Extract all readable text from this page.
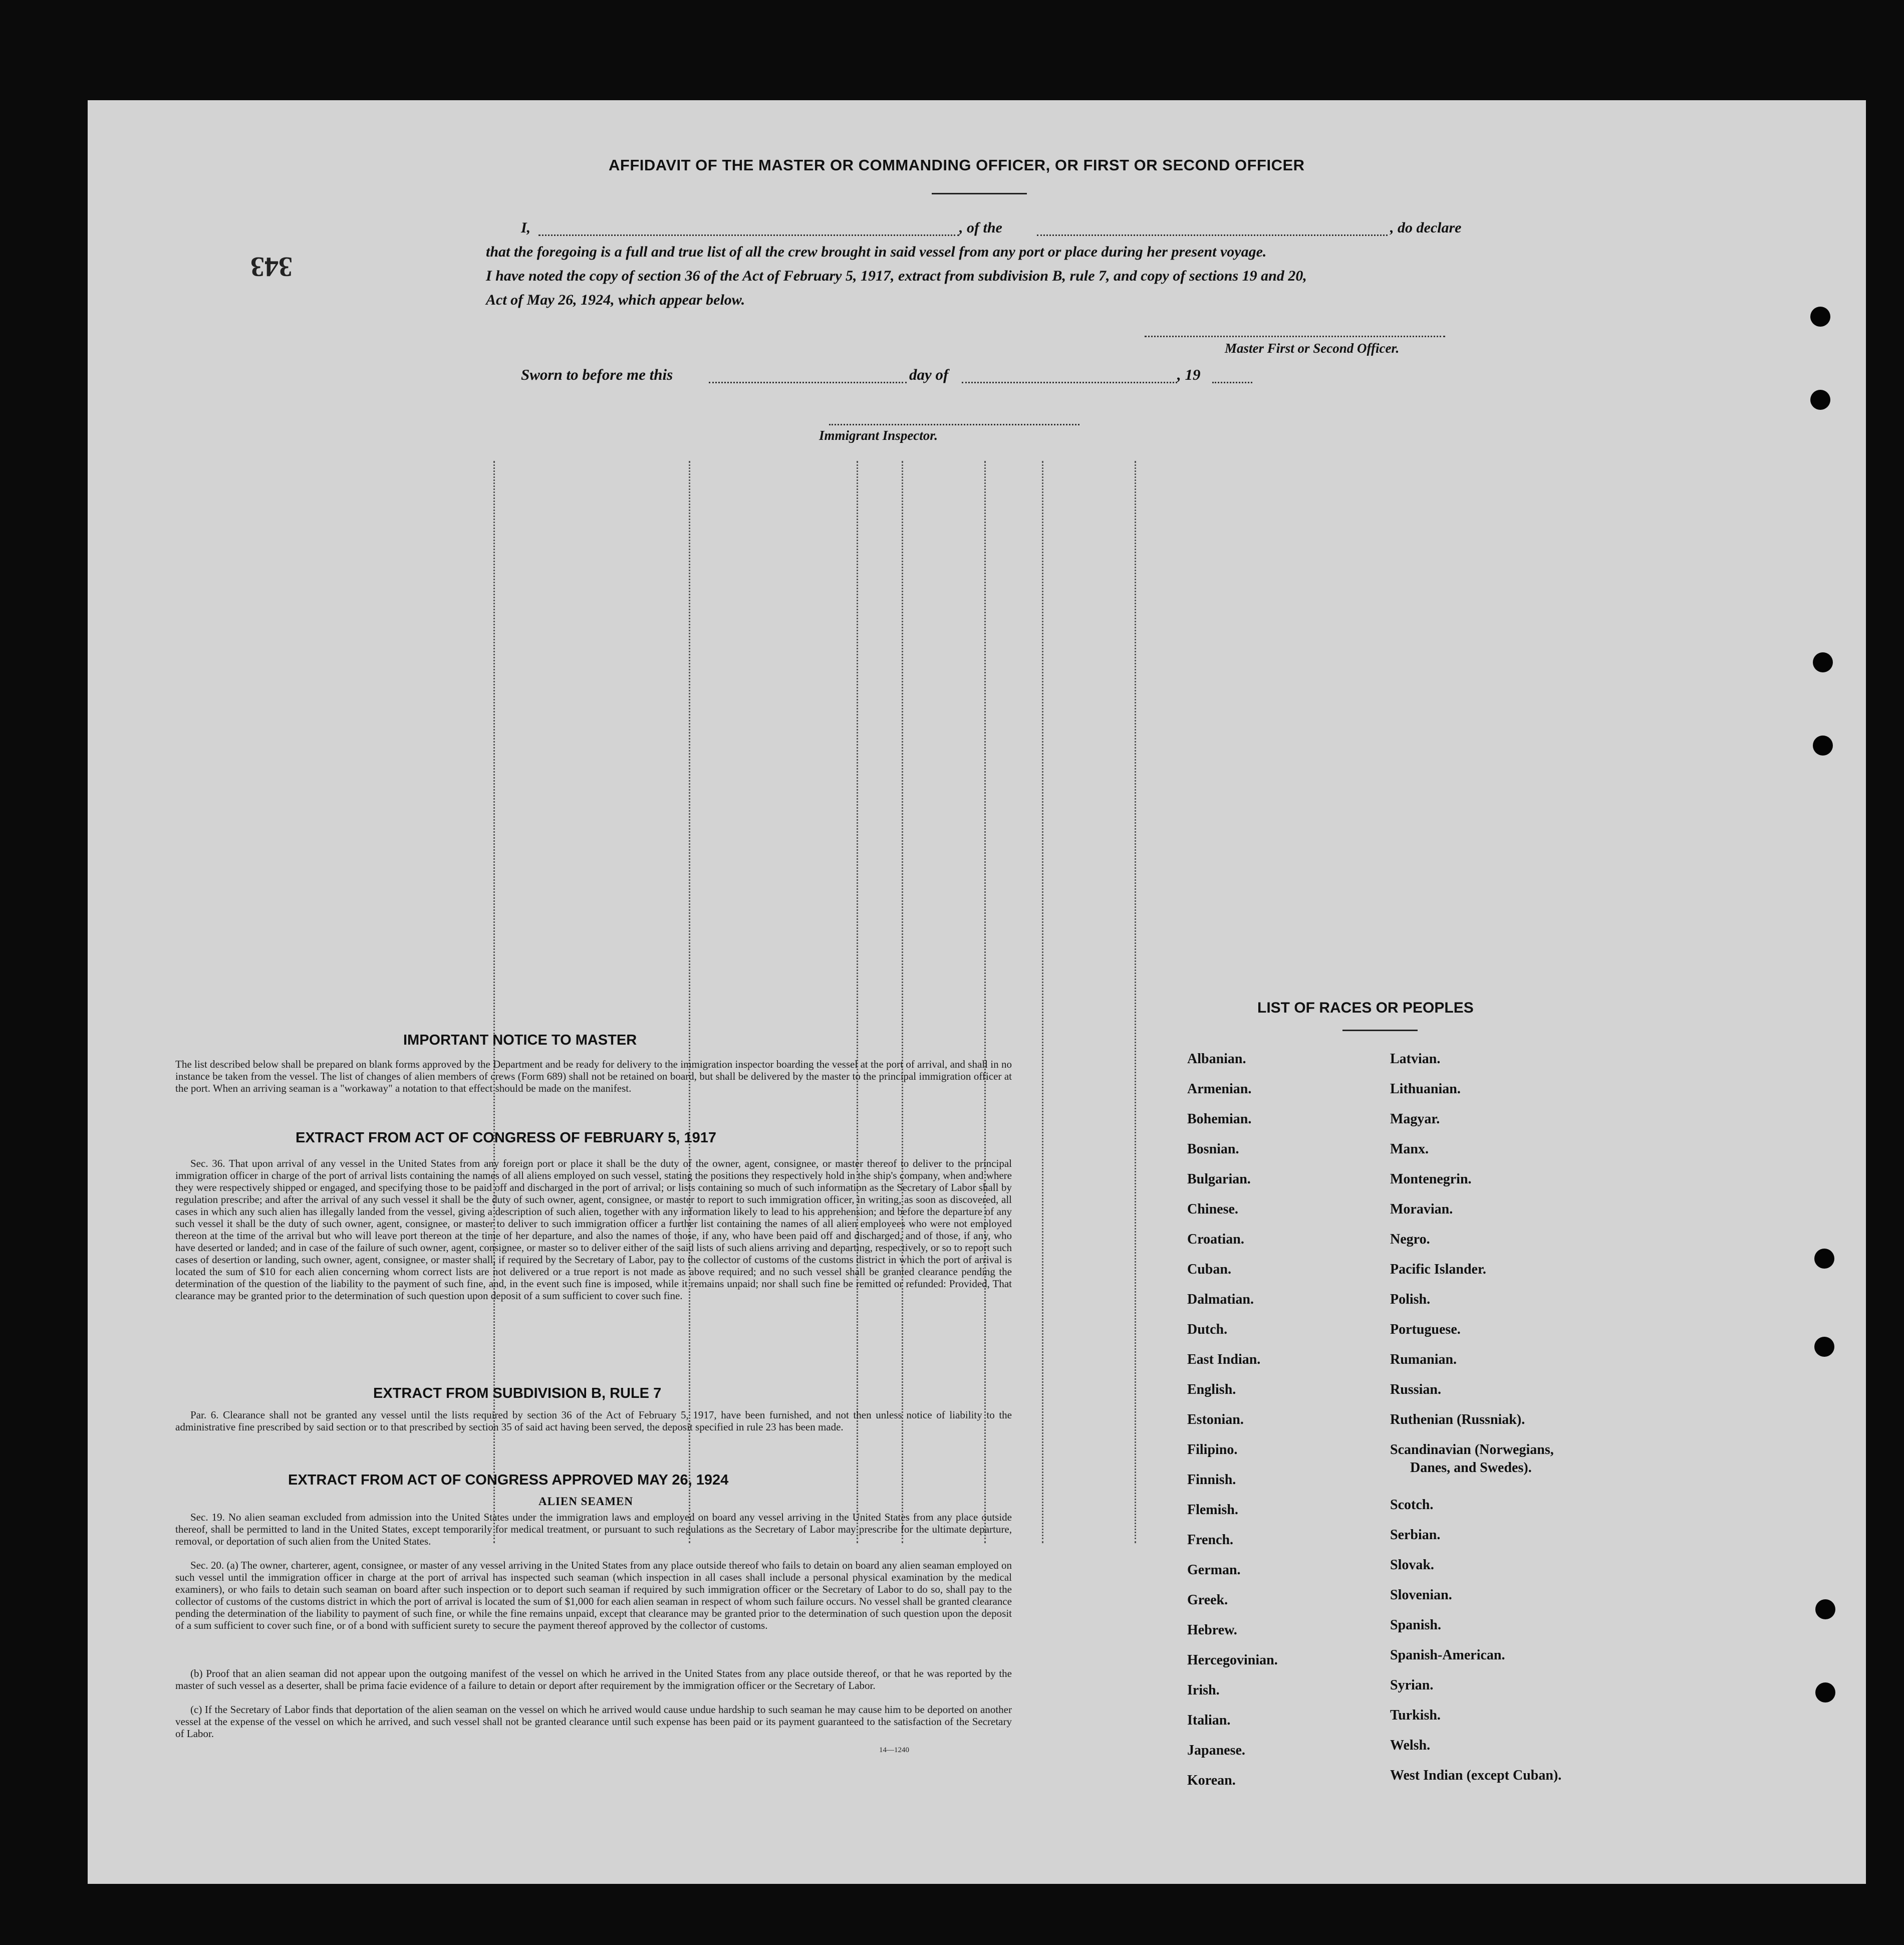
343
AFFIDAVIT OF THE MASTER OR COMMANDING OFFICER, OR FIRST OR SECOND OFFICER
I,	, of the	, do declare
that the foregoing is a full and true list of all the crew brought in said vessel from any port or place during her present voyage.
I have noted the copy of section 36 of the Act of February 5, 1917, extract from subdivision B, rule 7, and copy of sections 19 and 20,
Act of May 26, 1924, which appear below.
Master First or Second Officer.
Sworn to before me this	day of	, 19
Immigrant Inspector.
IMPORTANT NOTICE TO MASTER
The list described below shall be prepared on blank forms approved by the Department and be ready for delivery to the immigration inspector boarding the vessel at the port of arrival, and shall in no instance be taken from the vessel. The list of changes of alien members of crews (Form 689) shall not be retained on board, but shall be delivered by the master to the principal immigration officer at the port. When an arriving seaman is a "workaway" a notation to that effect should be made on the manifest.
EXTRACT FROM ACT OF CONGRESS OF FEBRUARY 5, 1917
Sec. 36. That upon arrival of any vessel in the United States from any foreign port or place it shall be the duty of the owner, agent, consignee, or master thereof to deliver to the principal immigration officer in charge of the port of arrival lists containing the names of all aliens employed on such vessel, stating the positions they respectively hold in the ship's company, when and where they were respectively shipped or engaged, and specifying those to be paid off and discharged in the port of arrival; or lists containing so much of such information as the Secretary of Labor shall by regulation prescribe; and after the arrival of any such vessel it shall be the duty of such owner, agent, consignee, or master to report to such immigration officer, in writing, as soon as discovered, all cases in which any such alien has illegally landed from the vessel, giving a description of such alien, together with any information likely to lead to his apprehension; and before the departure of any such vessel it shall be the duty of such owner, agent, consignee, or master to deliver to such immigration officer a further list containing the names of all alien employees who were not employed thereon at the time of the arrival but who will leave port thereon at the time of her departure, and also the names of those, if any, who have been paid off and discharged, and of those, if any, who have deserted or landed; and in case of the failure of such owner, agent, consignee, or master so to deliver either of the said lists of such aliens arriving and departing, respectively, or so to report such cases of desertion or landing, such owner, agent, consignee, or master shall, if required by the Secretary of Labor, pay to the collector of customs of the customs district in which the port of arrival is located the sum of $10 for each alien concerning whom correct lists are not delivered or a true report is not made as above required; and no such vessel shall be granted clearance pending the determination of the question of the liability to the payment of such fine, and, in the event such fine is imposed, while it remains unpaid; nor shall such fine be remitted or refunded: Provided, That clearance may be granted prior to the determination of such question upon deposit of a sum sufficient to cover such fine.
EXTRACT FROM SUBDIVISION B, RULE 7
Par. 6. Clearance shall not be granted any vessel until the lists required by section 36 of the Act of February 5, 1917, have been furnished, and not then unless notice of liability to the administrative fine prescribed by said section or to that prescribed by section 35 of said act having been served, the deposit specified in rule 23 has been made.
EXTRACT FROM ACT OF CONGRESS APPROVED MAY 26, 1924
ALIEN SEAMEN
Sec. 19. No alien seaman excluded from admission into the United States under the immigration laws and employed on board any vessel arriving in the United States from any place outside thereof, shall be permitted to land in the United States, except temporarily for medical treatment, or pursuant to such regulations as the Secretary of Labor may prescribe for the ultimate departure, removal, or deportation of such alien from the United States.
Sec. 20. (a) The owner, charterer, agent, consignee, or master of any vessel arriving in the United States from any place outside thereof who fails to detain on board any alien seaman employed on such vessel until the immigration officer in charge at the port of arrival has inspected such seaman (which inspection in all cases shall include a personal physical examination by the medical examiners), or who fails to detain such seaman on board after such inspection or to deport such seaman if required by such immigration officer or the Secretary of Labor to do so, shall pay to the collector of customs of the customs district in which the port of arrival is located the sum of $1,000 for each alien seaman in respect of whom such failure occurs. No vessel shall be granted clearance pending the determination of the liability to payment of such fine, or while the fine remains unpaid, except that clearance may be granted prior to the determination of such question upon the deposit of a sum sufficient to cover such fine, or of a bond with sufficient surety to secure the payment thereof approved by the collector of customs.
(b) Proof that an alien seaman did not appear upon the outgoing manifest of the vessel on which he arrived in the United States from any place outside thereof, or that he was reported by the master of such vessel as a deserter, shall be prima facie evidence of a failure to detain or deport after requirement by the immigration officer or the Secretary of Labor.
(c) If the Secretary of Labor finds that deportation of the alien seaman on the vessel on which he arrived would cause undue hardship to such seaman he may cause him to be deported on another vessel at the expense of the vessel on which he arrived, and such vessel shall not be granted clearance until such expense has been paid or its payment guaranteed to the satisfaction of the Secretary of Labor.
14—1240
LIST OF RACES OR PEOPLES
Albanian.
Armenian.
Bohemian.
Bosnian.
Bulgarian.
Chinese.
Croatian.
Cuban.
Dalmatian.
Dutch.
East Indian.
English.
Estonian.
Filipino.
Finnish.
Flemish.
French.
German.
Greek.
Hebrew.
Hercegovinian.
Irish.
Italian.
Japanese.
Korean.
Latvian.
Lithuanian.
Magyar.
Manx.
Montenegrin.
Moravian.
Negro.
Pacific Islander.
Polish.
Portuguese.
Rumanian.
Russian.
Ruthenian (Russniak).
Scandinavian (Norwegians,
Danes, and Swedes).
Scotch.
Serbian.
Slovak.
Slovenian.
Spanish.
Spanish-American.
Syrian.
Turkish.
Welsh.
West Indian (except Cuban).
